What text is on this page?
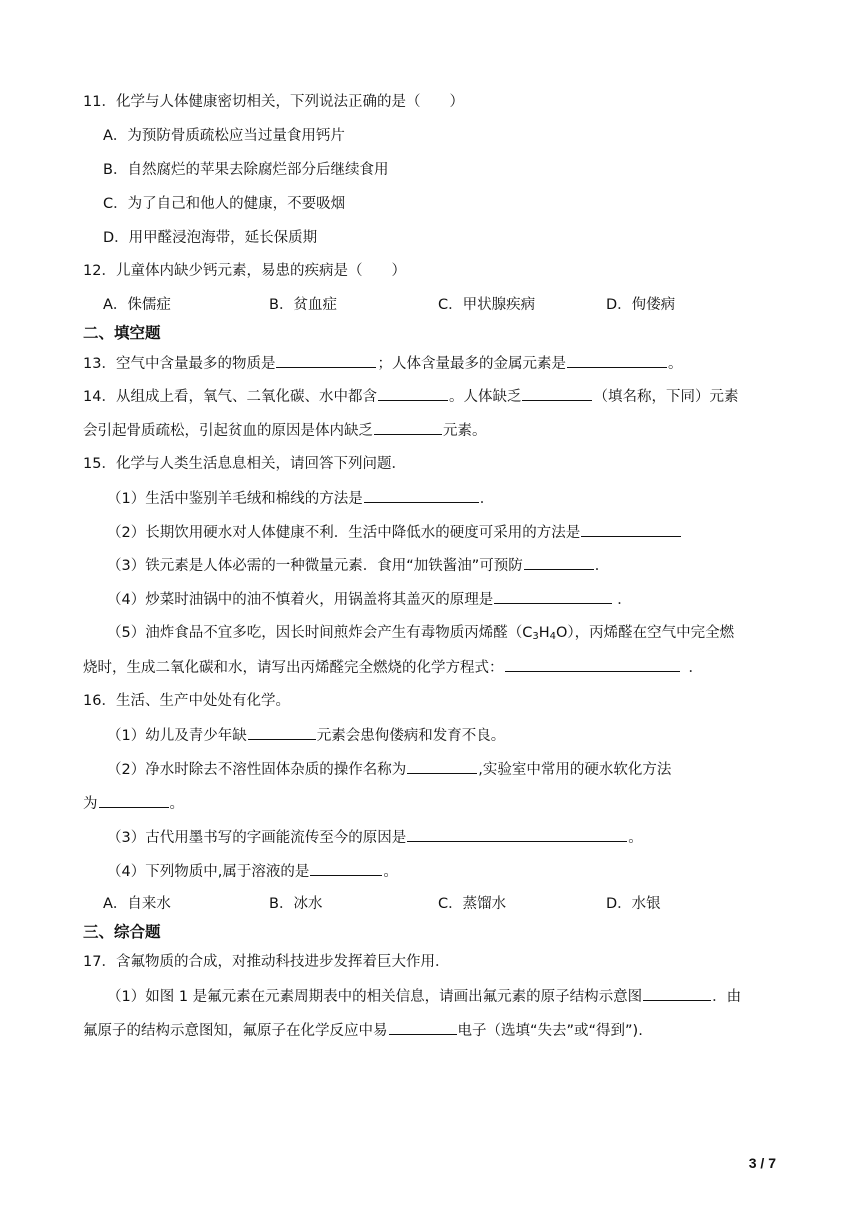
11．化学与人体健康密切相关，下列说法正确的是（　　）
A．为预防骨质疏松应当过量食用钙片
B．自然腐烂的苹果去除腐烂部分后继续食用
C．为了自己和他人的健康，不要吸烟
D．用甲醛浸泡海带，延长保质期
12．儿童体内缺少钙元素，易患的疾病是（　　）
A．侏儒症	B．贫血症	C．甲状腺疾病	D．佝偻病
二、填空题
13．空气中含量最多的物质是	；人体含量最多的金属元素是	。
14．从组成上看，氧气、二氧化碳、水中都含	。人体缺乏	（填名称，下同）元素
会引起骨质疏松，引起贫血的原因是体内缺乏	元素。
15．化学与人类生活息息相关，请回答下列问题．
（1）生活中鉴别羊毛绒和棉线的方法是	．
（2）长期饮用硬水对人体健康不利．生活中降低水的硬度可采用的方法是
（3）铁元素是人体必需的一种微量元素．食用“加铁酱油”可预防	．
（4）炒菜时油锅中的油不慎着火，用锅盖将其盖灭的原理是	．
（5）油炸食品不宜多吃，因长时间煎炸会产生有毒物质丙烯醛$(C_3H_4O)$，丙烯醛在空气中完全燃
烧时，生成二氧化碳和水，请写出丙烯醛完全燃烧的化学方程式：	．
16．生活、生产中处处有化学。
（1）幼儿及青少年缺	元素会患佝偻病和发育不良。
（2）净水时除去不溶性固体杂质的操作名称为	,实验室中常用的硬水软化方法
为	。
（3）古代用墨书写的字画能流传至今的原因是	。
（4）下列物质中,属于溶液的是	。
A．自来水	B．冰水	C．蒸馏水	D．水银
三、综合题
17．含氟物质的合成，对推动科技进步发挥着巨大作用．
（1）如图 1 是氟元素在元素周期表中的相关信息，请画出氟元素的原子结构示意图	．由
氟原子的结构示意图知，氟原子在化学反应中易	电子（选填“失去”或“得到”).
3 / 7
